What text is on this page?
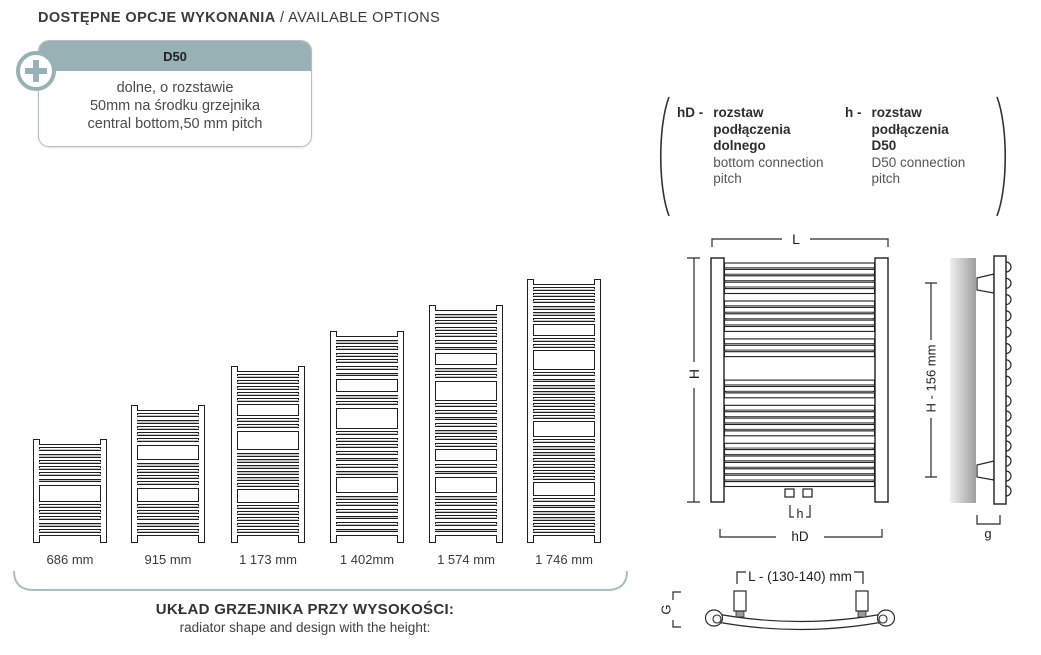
DOSTĘPNE OPCJE WYKONANIA / AVAILABLE OPTIONS
D50
dolne, o rozstawie
50mm na środku grzejnika
central bottom,50 mm pitch
hD - rozstaw
podłączenia
dolnego
bottom connection
pitch
h - rozstaw
podłączenia
D50
D50 connection
pitch
686 mm	915 mm	1 173 mm	1 402mm	1 574 mm	1 746 mm
UKŁAD GRZEJNIKA PRZY WYSOKOŚCI:
radiator shape and design with the height:
L
H
h
hD
H - 156 mm
g
L - (130-140) mm
G
